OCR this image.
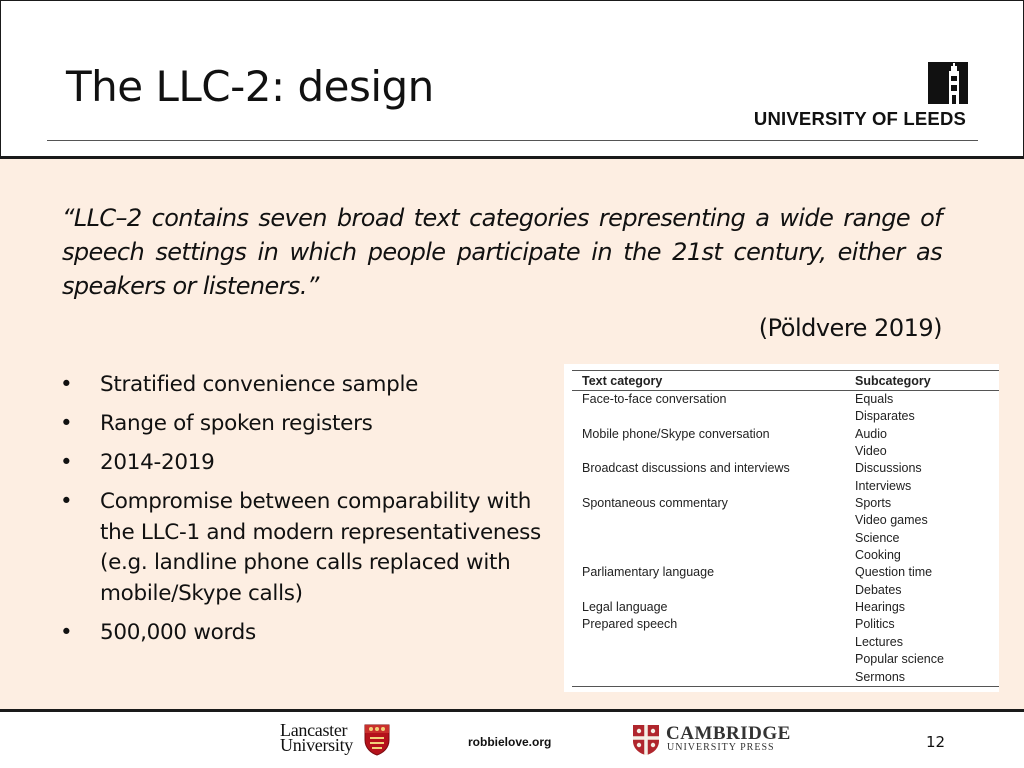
The LLC-2: design
UNIVERSITY OF LEEDS
“LLC–2 contains seven broad text categories representing a wide range of speech settings in which people participate in the 21st century, either as speakers or listeners.”
(Pöldvere 2019)
• Stratified convenience sample
• Range of spoken registers
• 2014-2019
• Compromise between comparability with the LLC-1 and modern representativeness (e.g. landline phone calls replaced with mobile/Skype calls)
• 500,000 words
Text category	Subcategory
Face-to-face conversation	Equals
	Disparates
Mobile phone/Skype conversation	Audio
	Video
Broadcast discussions and interviews	Discussions
	Interviews
Spontaneous commentary	Sports
	Video games
	Science
	Cooking
Parliamentary language	Question time
	Debates
Legal language	Hearings
Prepared speech	Politics
	Lectures
	Popular science
	Sermons
Lancaster
University	robbielove.org	CAMBRIDGE
UNIVERSITY PRESS	12
